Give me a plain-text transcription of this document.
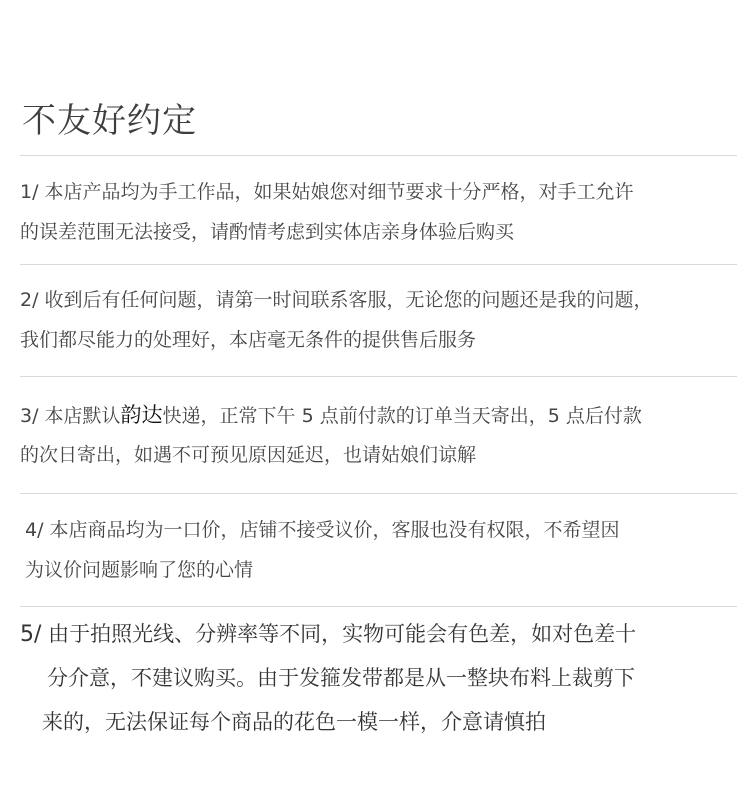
不友好约定
1/ 本店产品均为手工作品，如果姑娘您对细节要求十分严格，对手工允许
的误差范围无法接受，请酌情考虑到实体店亲身体验后购买
2/ 收到后有任何问题，请第一时间联系客服，无论您的问题还是我的问题，
我们都尽能力的处理好，本店毫无条件的提供售后服务
3/ 本店默认韵达快递，正常下午 5 点前付款的订单当天寄出，5 点后付款
的次日寄出，如遇不可预见原因延迟，也请姑娘们谅解
4/ 本店商品均为一口价，店铺不接受议价，客服也没有权限，不希望因
为议价问题影响了您的心情
5/ 由于拍照光线、分辨率等不同，实物可能会有色差，如对色差十
分介意，不建议购买。由于发箍发带都是从一整块布料上裁剪下
来的，无法保证每个商品的花色一模一样，介意请慎拍
